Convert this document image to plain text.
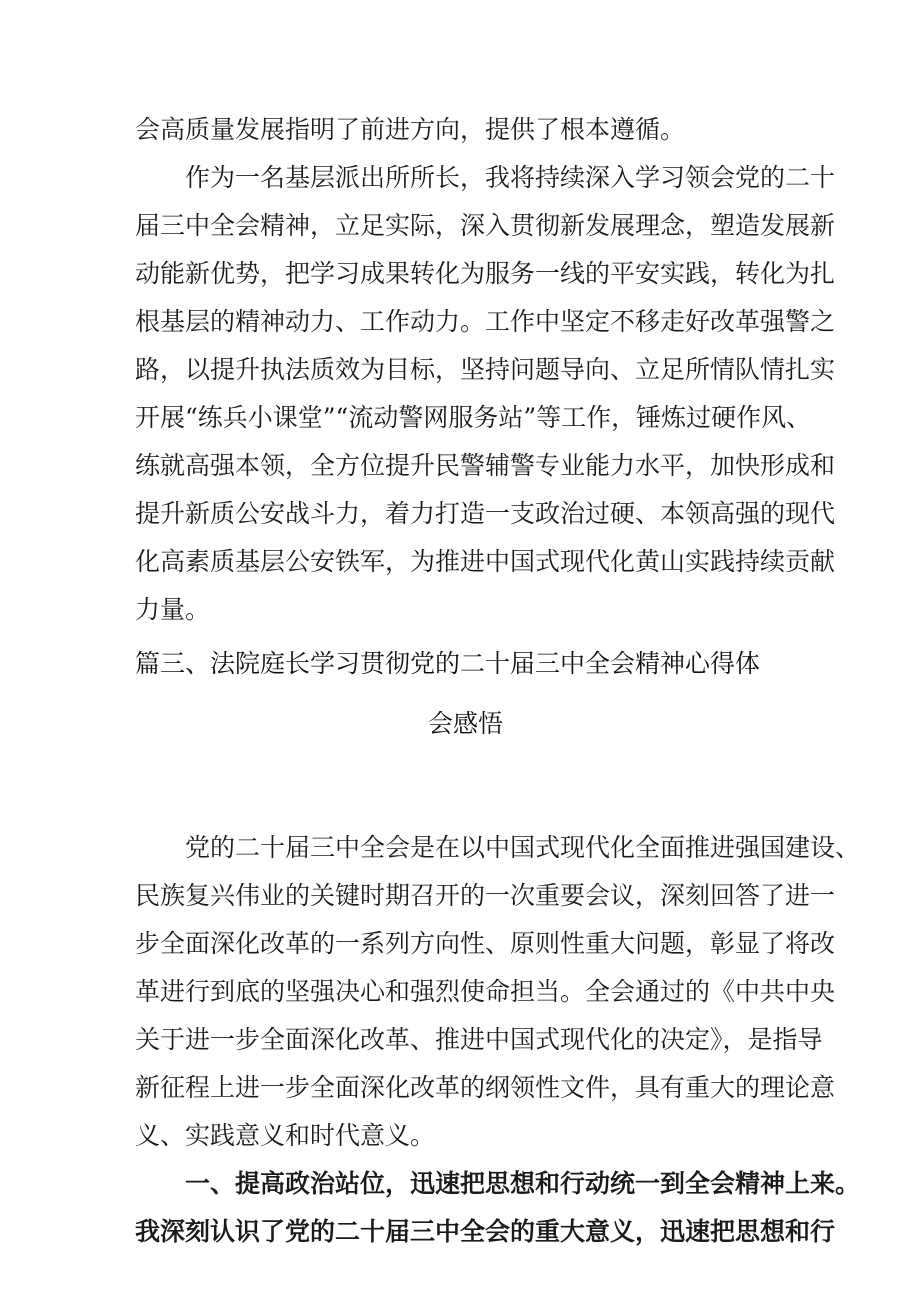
会高质量发展指明了前进方向，提供了根本遵循。
作为一名基层派出所所长，我将持续深入学习领会党的二十
届三中全会精神，立足实际，深入贯彻新发展理念，塑造发展新
动能新优势，把学习成果转化为服务一线的平安实践，转化为扎
根基层的精神动力、工作动力。工作中坚定不移走好改革强警之
路，以提升执法质效为目标，坚持问题导向、立足所情队情扎实
开展“练兵小课堂”“流动警网服务站”等工作，锤炼过硬作风、
练就高强本领，全方位提升民警辅警专业能力水平，加快形成和
提升新质公安战斗力，着力打造一支政治过硬、本领高强的现代
化高素质基层公安铁军，为推进中国式现代化黄山实践持续贡献
力量。
篇三、法院庭长学习贯彻党的二十届三中全会精神心得体
会感悟
党的二十届三中全会是在以中国式现代化全面推进强国建设、
民族复兴伟业的关键时期召开的一次重要会议，深刻回答了进一
步全面深化改革的一系列方向性、原则性重大问题，彰显了将改
革进行到底的坚强决心和强烈使命担当。全会通过的《中共中央
关于进一步全面深化改革、推进中国式现代化的决定》，是指导
新征程上进一步全面深化改革的纲领性文件，具有重大的理论意
义、实践意义和时代意义。
一、提高政治站位，迅速把思想和行动统一到全会精神上来。
我深刻认识了党的二十届三中全会的重大意义，迅速把思想和行
